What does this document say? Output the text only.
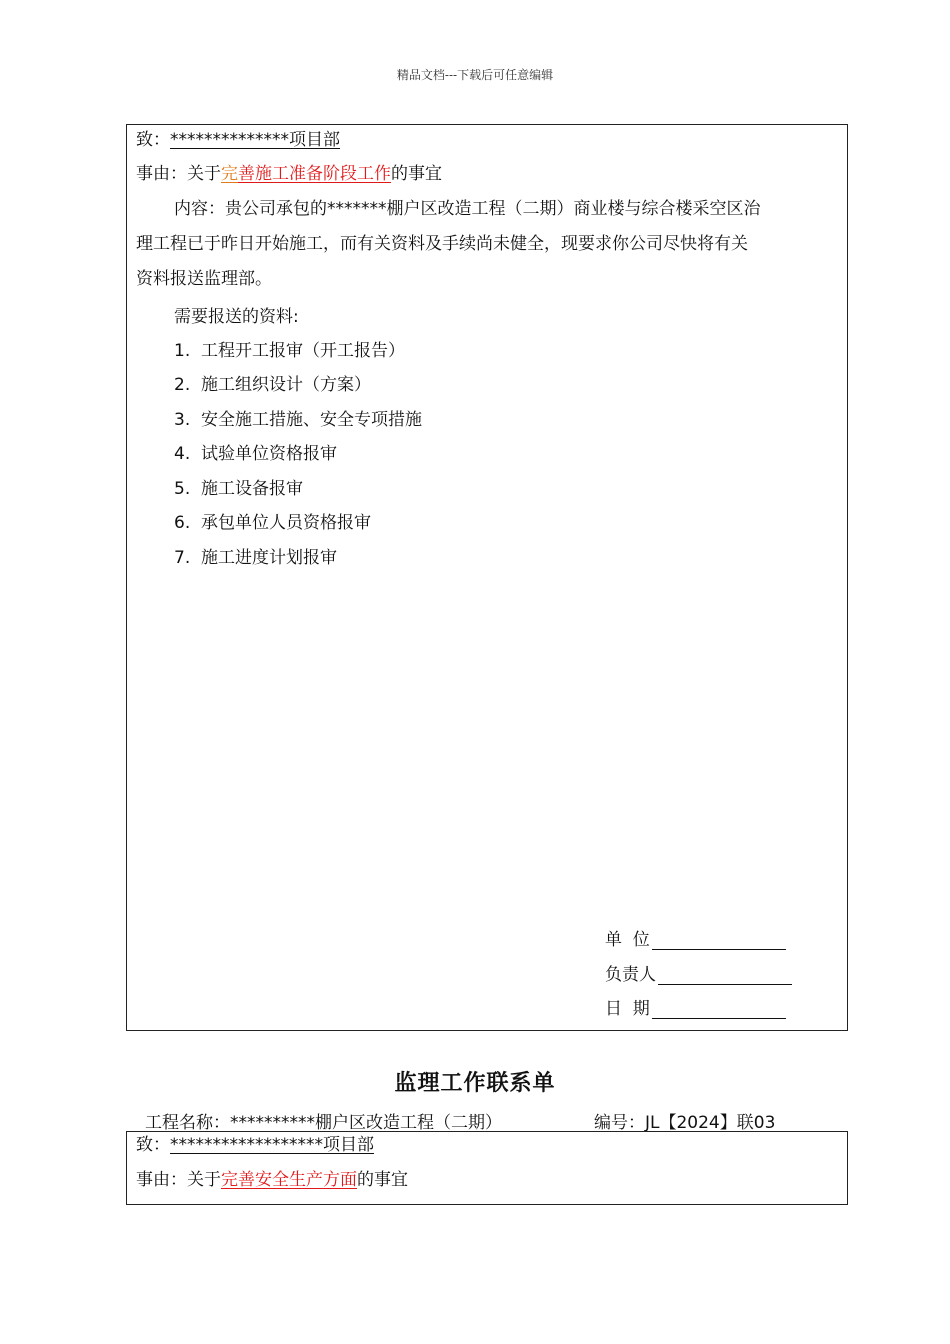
精品文档---下载后可任意编辑
致：**************项目部
事由：关于完善施工准备阶段工作的事宜
内容：贵公司承包的*******棚户区改造工程（二期）商业楼与综合楼采空区治
理工程已于昨日开始施工，而有关资料及手续尚未健全，现要求你公司尽快将有关
资料报送监理部。
需要报送的资料:
1. 工程开工报审（开工报告）
2. 施工组织设计（方案）
3. 安全施工措施、安全专项措施
4. 试验单位资格报审
5. 施工设备报审
6. 承包单位人员资格报审
7. 施工进度计划报审
单  位
负责人
日  期
监理工作联系单
工程名称：**********棚户区改造工程（二期）	编号：JL【2024】联03
致：******************项目部
事由：关于完善安全生产方面的事宜
